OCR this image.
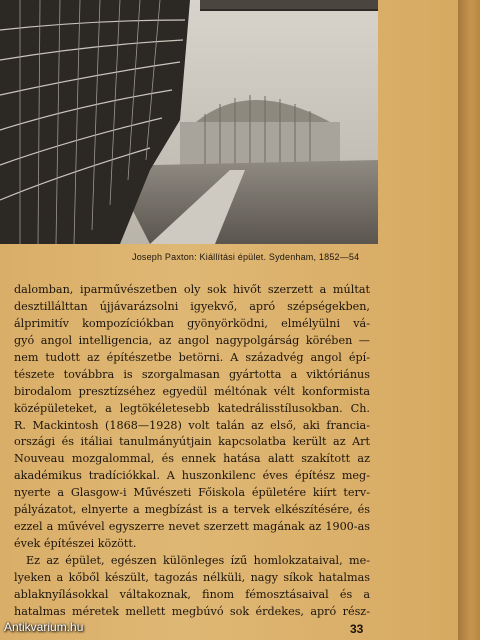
Joseph Paxton: Kiállítási épület. Sydenham, 1852—54
dalomban, iparművészetben oly sok hivőt szerzett a múltat
desztillálttan újjávarázsolni igyekvő, apró szépségekben,
álprimitív kompozíciókban gyönyörködni, elmélyülni vá-
gyó angol intelligencia, az angol nagypolgárság körében —
nem tudott az építészetbe betörni. A századvég angol épí-
tészete továbbra is szorgalmasan gyártotta a viktóriánus
birodalom presztízséhez egyedül méltónak vélt konformista
középületeket, a legtökéletesebb katedrálisstílusokban. Ch.
R. Mackintosh (1868—1928) volt talán az első, aki francia-
országi és itáliai tanulmányútjain kapcsolatba került az Art
Nouveau mozgalommal, és ennek hatása alatt szakított az
akadémikus tradíciókkal. A huszonkilenc éves építész meg-
nyerte a Glasgow-i Művészeti Főiskola épületére kiírt terv-
pályázatot, elnyerte a megbízást is a tervek elkészítésére, és
ezzel a művével egyszerre nevet szerzett magának az 1900-as
évek építészei között.
Ez az épület, egészen különleges ízű homlokzataival, me-
lyeken a kőből készült, tagozás nélküli, nagy síkok hatalmas
ablaknyílásokkal váltakoznak, finom fémosztásaival és a
hatalmas méretek mellett megbúvó sok érdekes, apró rész-
33
Antikvarium.hu
